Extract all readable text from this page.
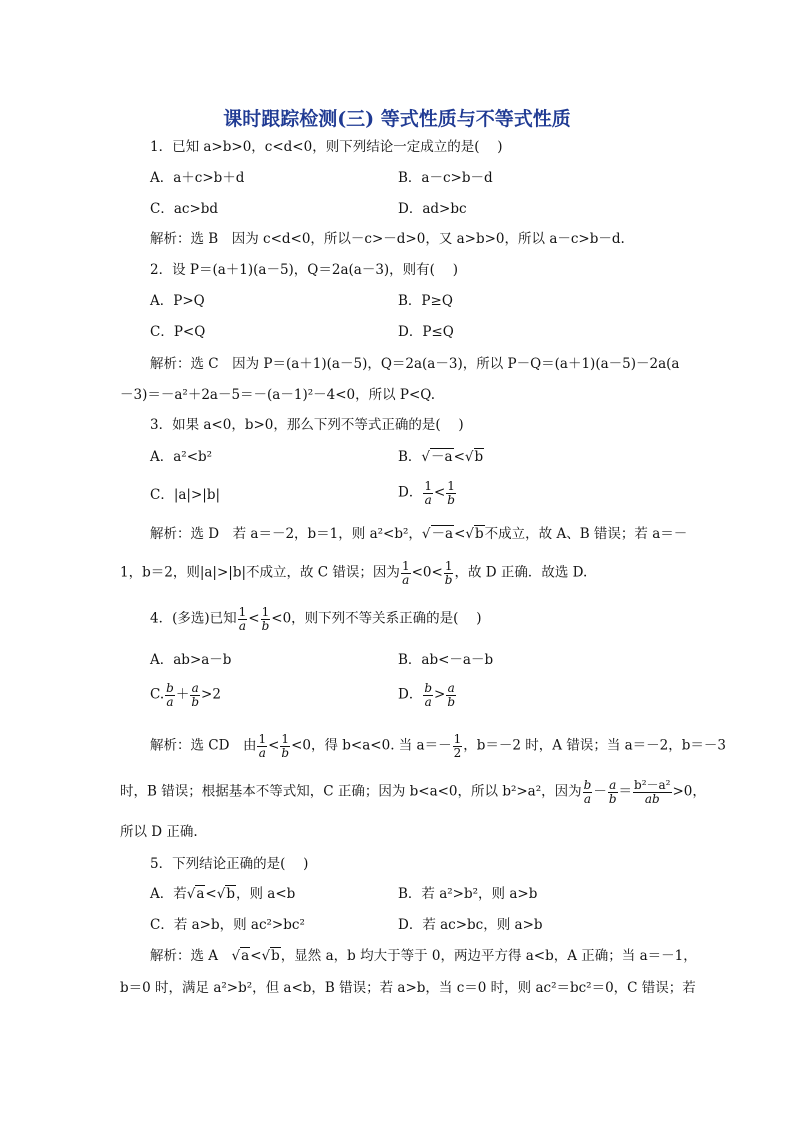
课时跟踪检测(三) 等式性质与不等式性质
1．已知 a>b>0，c<d<0，则下列结论一定成立的是(　 )
A．a＋c>b＋d	B．a－c>b－d
C．ac>bd	D．ad>bc
解析：选 B　因为 c<d<0，所以－c>－d>0，又 a>b>0，所以 a－c>b－d.
2．设 P＝(a＋1)(a－5)，Q＝2a(a－3)，则有(　 )
A．P>Q	B．P≥Q
C．P<Q	D．P≤Q
解析：选 C　因为 P＝(a＋1)(a－5)，Q＝2a(a－3)，所以 P－Q＝(a＋1)(a－5)－2a(a
－3)＝－a²＋2a－5＝－(a－1)²－4<0，所以 P<Q.
3．如果 a<0，b>0，那么下列不等式正确的是(　 )
A．a²<b²	B．√－a<√b
C．|a|>|b|	D． $\frac{1}{a} < \frac{1}{b}$
解析：选 D　若 a＝－2，b＝1，则 a²<b²，√－a<√b不成立，故 A、B 错误；若 a＝－
1，b＝2，则|a|>|b|不成立，故 C 错误；因为 $\frac{1}{a} <0< \frac{1}{b}$ ，故 D 正确．故选 D.
4．(多选)已知 $\frac{1}{a} < \frac{1}{b} <0$，则下列不等关系正确的是(　 )
A．ab>a－b	B．ab<－a－b
C. $\frac{b}{a} + \frac{a}{b} >2$	D． $\frac{b}{a} > \frac{a}{b}$
解析：选 CD　由 $\frac{1}{a} < \frac{1}{b} <0$，得 b<a<0. 当 $a=- \frac{1}{2}$ ，b＝－2 时，A 错误；当 a＝－2，b＝－3
时，B 错误；根据基本不等式知，C 正确；因为 b<a<0，所以 b²>a²，因为 $\frac{b}{a} - \frac{a}{b} = \frac{\text{b²－a²}}{ab} >0$，
所以 D 正确.
5．下列结论正确的是(　 )
A．若√a<√b，则 a<b	B．若 a²>b²，则 a>b
C．若 a>b，则 ac²>bc²	D．若 ac>bc，则 a>b
解析：选 A　√a<√b，显然 a，b 均大于等于 0，两边平方得 a<b，A 正确；当 a＝－1，
b＝0 时，满足 a²>b²，但 a<b，B 错误；若 a>b，当 c＝0 时，则 ac²＝bc²＝0，C 错误；若
